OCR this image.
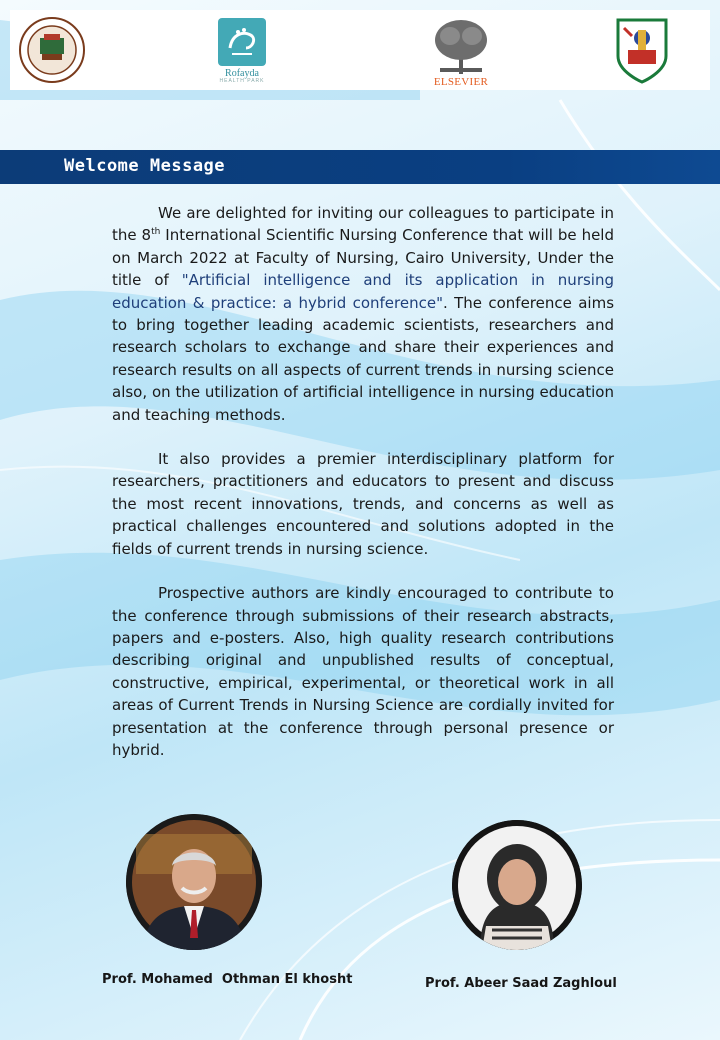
Rofayda
HEALTH PARK	ELSEVIER
Welcome Message

We are delighted for inviting our colleagues to participate in the 8th International Scientific Nursing Conference that will be held on March 2022 at Faculty of Nursing, Cairo University, Under the title of "Artificial intelligence and its application in nursing education & practice: a hybrid conference". The conference aims to bring together leading academic scientists, researchers and research scholars to exchange and share their experiences and research results on all aspects of current trends in nursing science also, on the utilization of artificial intelligence in nursing education and teaching methods.

It also provides a premier interdisciplinary platform for researchers, practitioners and educators to present and discuss the most recent innovations, trends, and concerns as well as practical challenges encountered and solutions adopted in the fields of current trends in nursing science.

Prospective authors are kindly encouraged to contribute to the conference through submissions of their research abstracts, papers and e-posters. Also, high quality research contributions describing original and unpublished results of conceptual, constructive, empirical, experimental, or theoretical work in all areas of Current Trends in Nursing Science are cordially invited for presentation at the conference through personal presence or hybrid.

Prof. Mohamed  Othman El khosht	Prof. Abeer Saad Zaghloul
